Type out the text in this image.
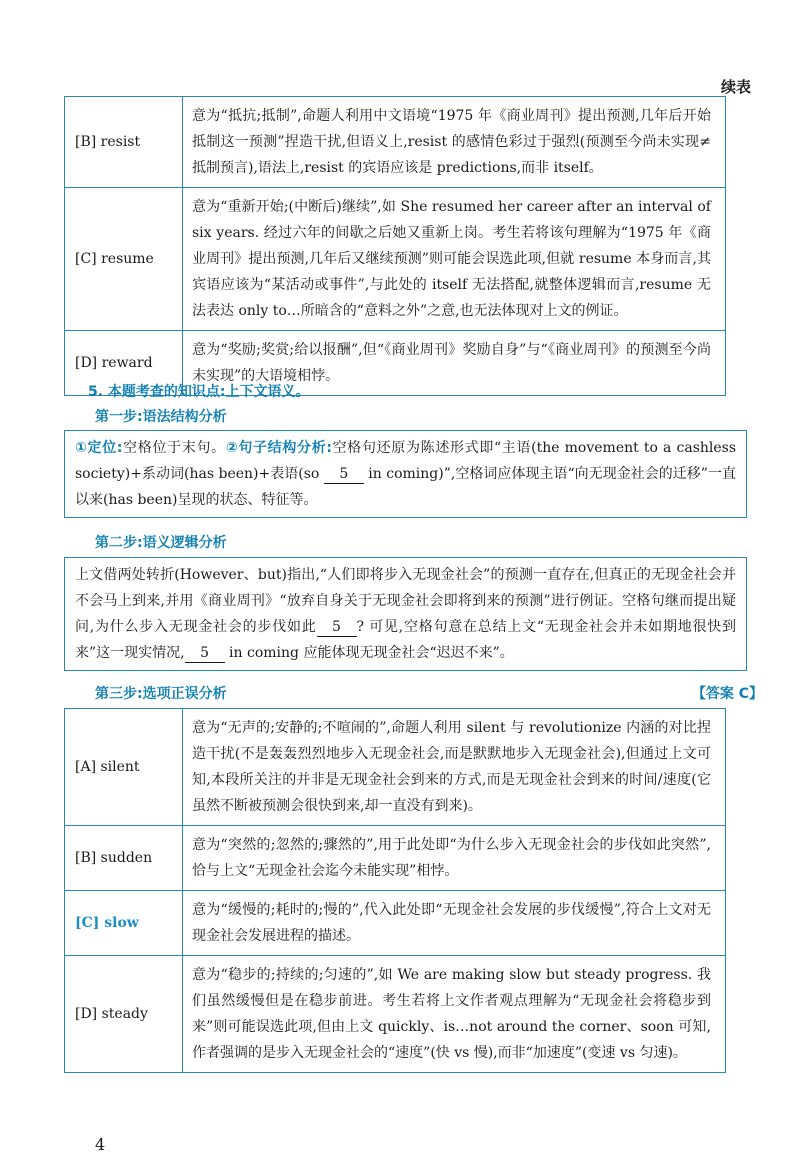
续表
[B] resist	意为“抵抗;抵制”,命题人利用中文语境“1975 年《商业周刊》提出预测,几年后开始抵制这一预测”捏造干扰,但语义上,resist 的感情色彩过于强烈(预测至今尚未实现≠抵制预言),语法上,resist 的宾语应该是 predictions,而非 itself。
[C] resume	意为“重新开始;(中断后)继续”,如 She resumed her career after an interval of six years. 经过六年的间歇之后她又重新上岗。考生若将该句理解为“1975 年《商业周刊》提出预测,几年后又继续预测”则可能会误选此项,但就 resume 本身而言,其宾语应该为“某活动或事件”,与此处的 itself 无法搭配,就整体逻辑而言,resume 无法表达 only to…所暗含的“意料之外”之意,也无法体现对上文的例证。
[D] reward	意为“奖励;奖赏;给以报酬”,但“《商业周刊》奖励自身”与“《商业周刊》的预测至今尚未实现”的大语境相悖。
5. 本题考查的知识点:上下文语义。
第一步:语法结构分析
①定位:空格位于末句。②句子结构分析:空格句还原为陈述形式即“主语(the movement to a cashless society)+系动词(has been)+表语(so 5 in coming)”,空格词应体现主语“向无现金社会的迁移”一直以来(has been)呈现的状态、特征等。
第二步:语义逻辑分析
上文借两处转折(However、but)指出,“人们即将步入无现金社会”的预测一直存在,但真正的无现金社会并不会马上到来,并用《商业周刊》“放弃自身关于无现金社会即将到来的预测”进行例证。空格句继而提出疑问,为什么步入无现金社会的步伐如此 5 ? 可见,空格句意在总结上文“无现金社会并未如期地很快到来”这一现实情况, 5 in coming 应能体现无现金社会“迟迟不来”。
第三步:选项正误分析	【答案 C】
[A] silent	意为“无声的;安静的;不喧闹的”,命题人利用 silent 与 revolutionize 内涵的对比捏造干扰(不是轰轰烈烈地步入无现金社会,而是默默地步入无现金社会),但通过上文可知,本段所关注的并非是无现金社会到来的方式,而是无现金社会到来的时间/速度(它虽然不断被预测会很快到来,却一直没有到来)。
[B] sudden	意为“突然的;忽然的;骤然的”,用于此处即“为什么步入无现金社会的步伐如此突然”,恰与上文“无现金社会迄今未能实现”相悖。
[C] slow	意为“缓慢的;耗时的;慢的”,代入此处即“无现金社会发展的步伐缓慢”,符合上文对无现金社会发展进程的描述。
[D] steady	意为“稳步的;持续的;匀速的”,如 We are making slow but steady progress. 我们虽然缓慢但是在稳步前进。考生若将上文作者观点理解为“无现金社会将稳步到来”则可能误选此项,但由上文 quickly、is…not around the corner、soon 可知,作者强调的是步入无现金社会的“速度”(快 vs 慢),而非“加速度”(变速 vs 匀速)。
4
